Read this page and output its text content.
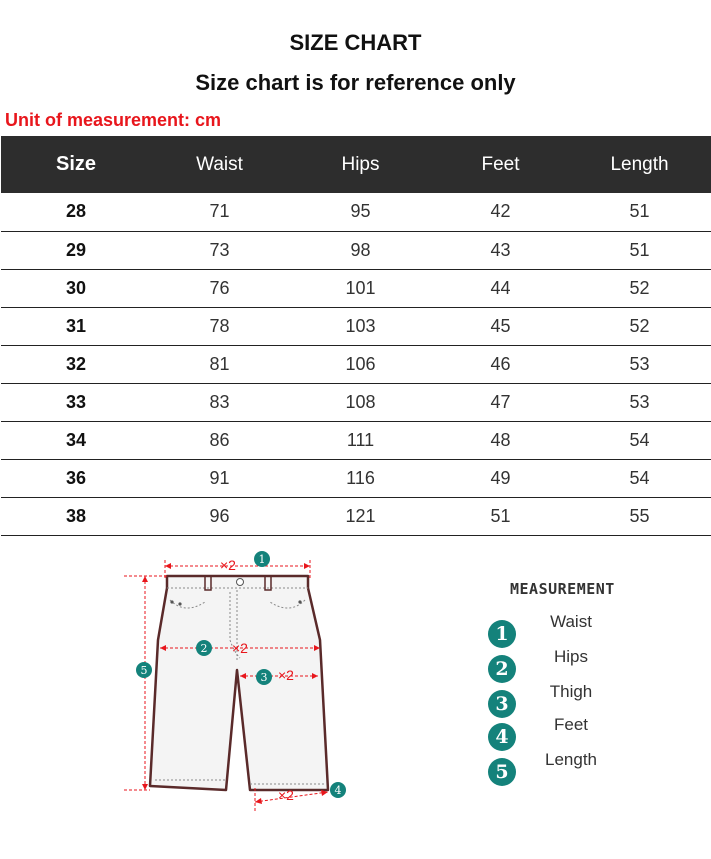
SIZE CHART
Size chart is for reference only
Unit of measurement: cm
Size	Waist	Hips	Feet	Length
28	71	95	42	51
29	73	98	43	51
30	76	101	44	52
31	78	103	45	52
32	81	106	46	53
33	83	108	47	53
34	86	111	48	54
36	91	116	49	54
38	96	121	51	55
×2
×2
×2
×2
1
2
3
4
5
MEASUREMENT
1
Waist
2
Hips
3
Thigh
4
Feet
5
Length
